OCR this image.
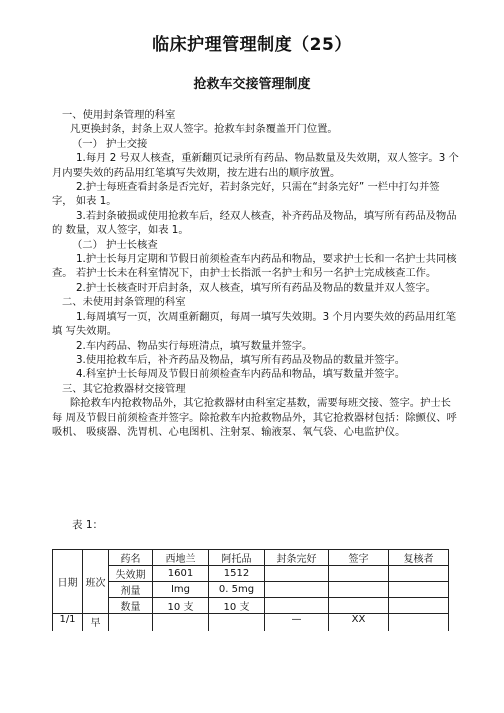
临床护理管理制度（25）
抢救车交接管理制度

一、使用封条管理的科室

凡更换封条，封条上双人签字。抢救车封条覆盖开门位置。

（一） 护士交接

1.每月 2 号双人核查，重新翻页记录所有药品、物品数量及失效期，双人签字。3 个月内要失效的药品用红笔填写失效期，按左进右出的顺序放置。

2.护士每班查看封条是否完好，若封条完好，只需在“封条完好” 一栏中打勾并签字， 如表 1。

3.若封条破损或使用抢救车后，经双人核查，补齐药品及物品，填写所有药品及物品的 数量，双人签字，如表 1。

（二） 护士长核查

1.护士长每月定期和节假日前须检查车内药品和物品，要求护士长和一名护士共同核查。 若护士长未在科室情况下，由护士长指派一名护士和另一名护士完成核查工作。

2.护士长核查时开启封条，双人核查，填写所有药品及物品的数量并双人签字。

二、未使用封条管理的科室

1.每周填写一页，次周重新翻页，每周一填写失效期。3 个月内要失效的药品用红笔填 写失效期。

2.车内药品、物品实行每班清点，填写数量并签字。

3.使用抢救车后，补齐药品及物品，填写所有药品及物品的数量并签字。

4.科室护士长每周及节假日前须检查车内药品和物品，填写数量并签字。

三、其它抢救器材交接管理

除抢救车内抢救物品外，其它抢救器材由科室定基数，需要每班交接、签字。护士长每 周及节假日前须检查并签字。除抢救车内抢救物品外，其它抢救器材包括：除颤仪、呼吸机、 吸痰器、洗胃机、心电图机、注射泵、输液泵、氧气袋、心电监护仪。

表 1：
日期	班次	药名	西地兰	阿托品	封条完好	签字	复核者
		失效期	1601	1512			
		剂量	Img	0. 5mg			
		数量	10 支	10 支			
1/1	早				—	XX	
